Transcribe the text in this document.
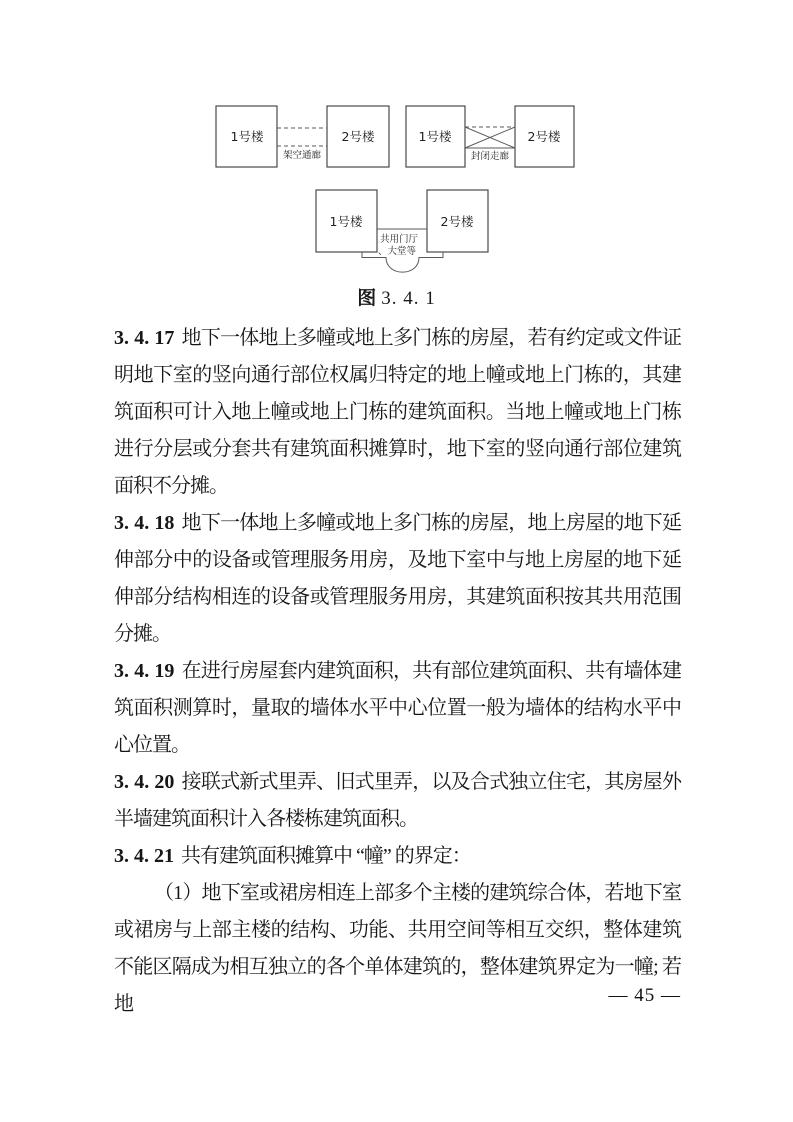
1号楼	2号楼
架空通廊
1号楼	2号楼
封闭走廊
1号楼	2号楼
共用门厅
、大堂等
图 3. 4. 1

3. 4. 17 地下一体地上多幢或地上多门栋的房屋，若有约定或文件证明地下室的竖向通行部位权属归特定的地上幢或地上门栋的，其建筑面积可计入地上幢或地上门栋的建筑面积。当地上幢或地上门栋进行分层或分套共有建筑面积摊算时，地下室的竖向通行部位建筑面积不分摊。

3. 4. 18 地下一体地上多幢或地上多门栋的房屋，地上房屋的地下延伸部分中的设备或管理服务用房，及地下室中与地上房屋的地下延伸部分结构相连的设备或管理服务用房，其建筑面积按其共用范围分摊。

3. 4. 19 在进行房屋套内建筑面积，共有部位建筑面积、共有墙体建筑面积测算时，量取的墙体水平中心位置一般为墙体的结构水平中心位置。

3. 4. 20 接联式新式里弄、旧式里弄，以及合式独立住宅，其房屋外半墙建筑面积计入各楼栋建筑面积。

3. 4. 21 共有建筑面积摊算中 “幢” 的界定：

（1）地下室或裙房相连上部多个主楼的建筑综合体，若地下室或裙房与上部主楼的结构、功能、共用空间等相互交织，整体建筑不能区隔成为相互独立的各个单体建筑的，整体建筑界定为一幢; 若地	— 45 —
